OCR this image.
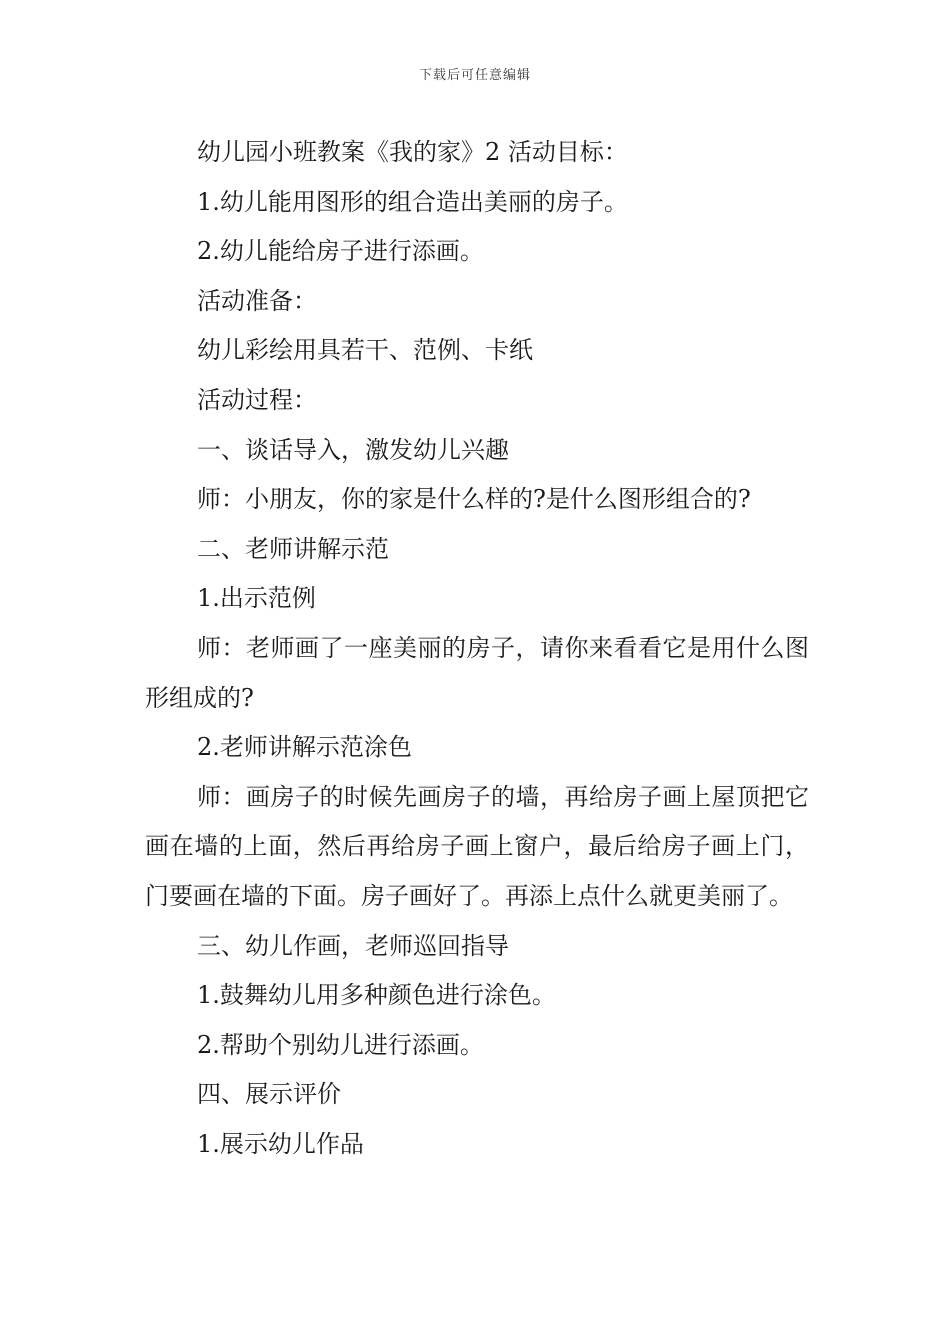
下载后可任意编辑

幼儿园小班教案《我的家》2 活动目标：

1.幼儿能用图形的组合造出美丽的房子。

2.幼儿能给房子进行添画。

活动准备：

幼儿彩绘用具若干、范例、卡纸

活动过程：

一、谈话导入，激发幼儿兴趣

师：小朋友，你的家是什么样的?是什么图形组合的?

二、老师讲解示范

1.出示范例

师：老师画了一座美丽的房子，请你来看看它是用什么图形组成的?

2.老师讲解示范涂色

师：画房子的时候先画房子的墙，再给房子画上屋顶把它画在墙的上面，然后再给房子画上窗户，最后给房子画上门，门要画在墙的下面。房子画好了。再添上点什么就更美丽了。

三、幼儿作画，老师巡回指导

1.鼓舞幼儿用多种颜色进行涂色。

2.帮助个别幼儿进行添画。

四、展示评价

1.展示幼儿作品
